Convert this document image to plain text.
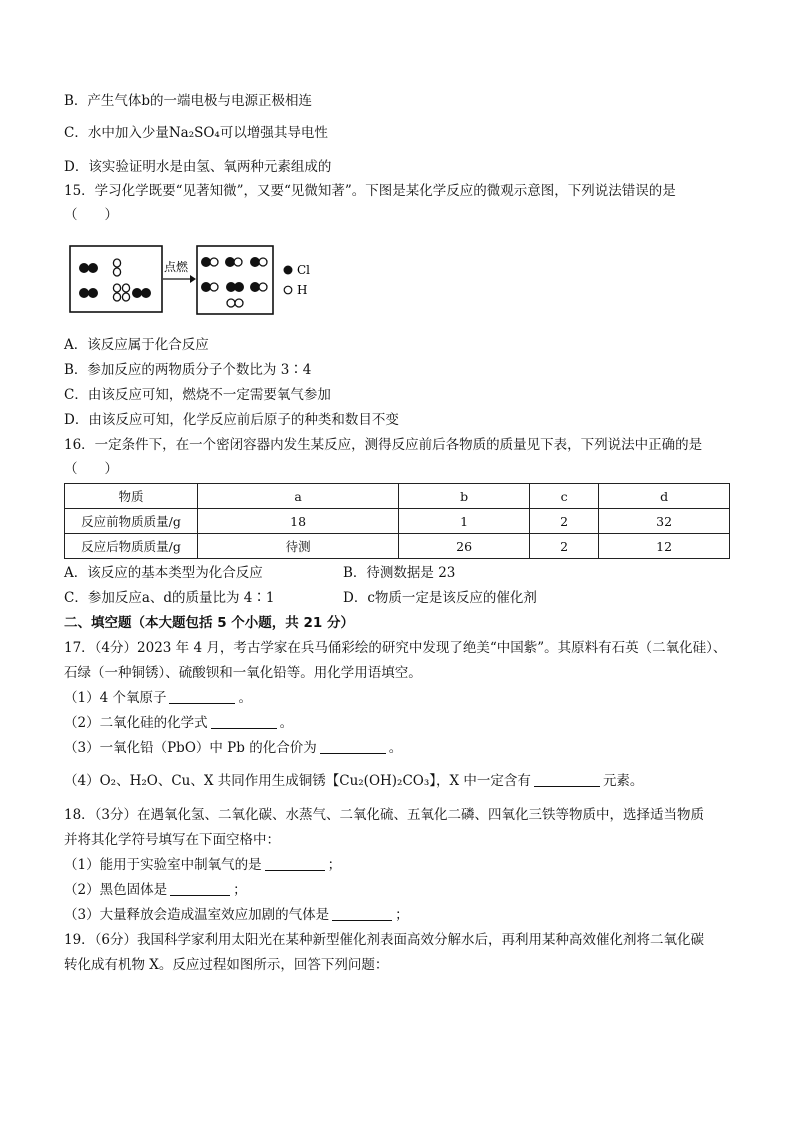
B．产生气体b的一端电极与电源正极相连
C．水中加入少量Na₂SO₄可以增强其导电性
D．该实验证明水是由氢、氧两种元素组成的
15．学习化学既要“见著知微”，又要“见微知著”。下图是某化学反应的微观示意图，下列说法错误的是
（　　）
点燃	Cl
H
A．该反应属于化合反应
B．参加反应的两物质分子个数比为 3∶4
C．由该反应可知，燃烧不一定需要氧气参加
D．由该反应可知，化学反应前后原子的种类和数目不变
16．一定条件下，在一个密闭容器内发生某反应，测得反应前后各物质的质量见下表，下列说法中正确的是
（　　）
物质	a	b	c	d
反应前物质质量/g	18	1	2	32
反应后物质质量/g	待测	26	2	12
A．该反应的基本类型为化合反应	B．待测数据是 23
C．参加反应a、d的质量比为 4∶1	D．c物质一定是该反应的催化剂
二、填空题（本大题包括 5 个小题，共 21 分）
17．（4分）2023 年 4 月，考古学家在兵马俑彩绘的研究中发现了绝美“中国紫”。其原料有石英（二氧化硅）、
石绿（一种铜锈）、硫酸钡和一氧化铅等。用化学用语填空。
（1）4 个氧原子	。
（2）二氧化硅的化学式	。
（3）一氧化铅（PbO）中 Pb 的化合价为	。
（4）O₂、H₂O、Cu、X 共同作用生成铜锈【Cu₂(OH)₂CO₃】，X 中一定含有	元素。
18．（3分）在遇氧化氢、二氧化碳、水蒸气、二氧化硫、五氧化二磷、四氧化三铁等物质中，选择适当物质
并将其化学符号填写在下面空格中：
（1）能用于实验室中制氧气的是	；
（2）黑色固体是	；
（3）大量释放会造成温室效应加剧的气体是	；
19．（6分）我国科学家利用太阳光在某种新型催化剂表面高效分解水后，再利用某种高效催化剂将二氧化碳
转化成有机物 X。反应过程如图所示，回答下列问题：
